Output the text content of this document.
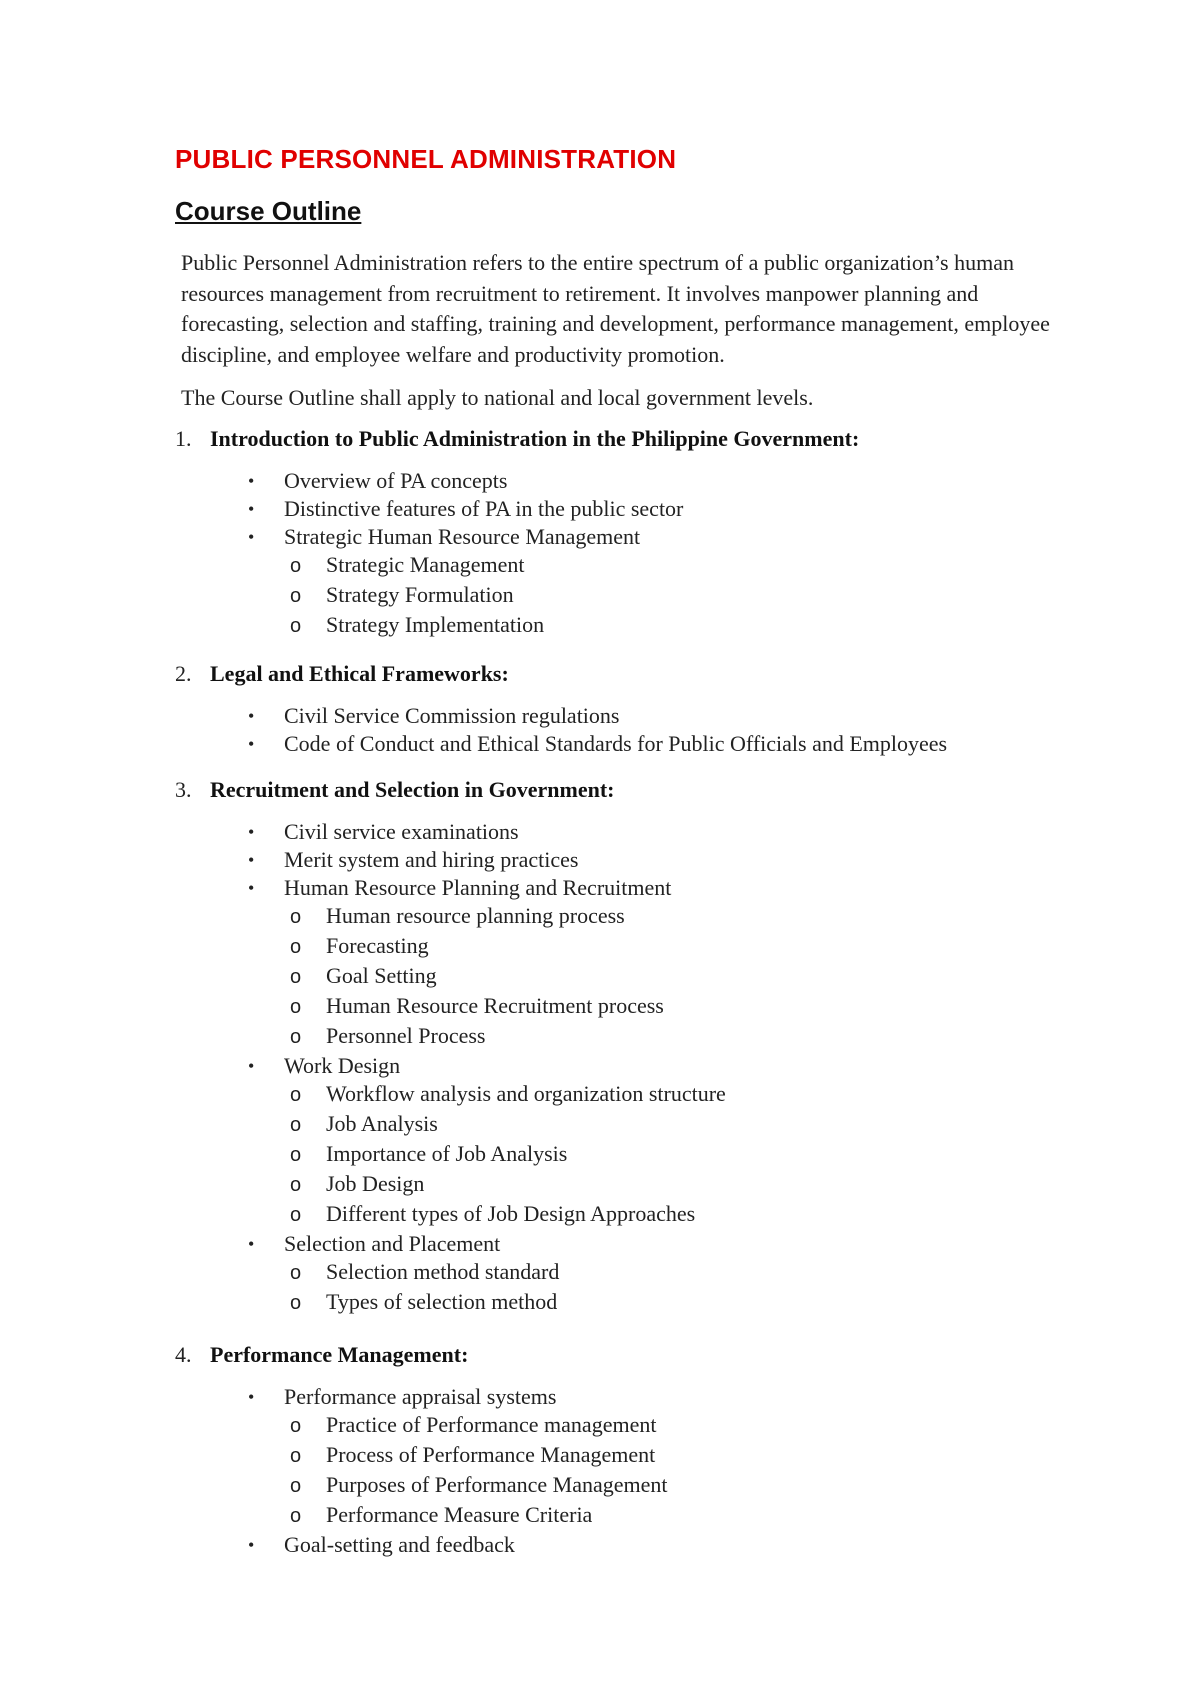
PUBLIC PERSONNEL ADMINISTRATION
Course Outline

Public Personnel Administration refers to the entire spectrum of a public organization’s human resources management from recruitment to retirement. It involves manpower planning and forecasting, selection and staffing, training and development, performance management, employee discipline, and employee welfare and productivity promotion.

The Course Outline shall apply to national and local government levels.

1. Introduction to Public Administration in the Philippine Government:
• Overview of PA concepts
• Distinctive features of PA in the public sector
• Strategic Human Resource Management
o Strategic Management
o Strategy Formulation
o Strategy Implementation
2. Legal and Ethical Frameworks:
• Civil Service Commission regulations
• Code of Conduct and Ethical Standards for Public Officials and Employees
3. Recruitment and Selection in Government:
• Civil service examinations
• Merit system and hiring practices
• Human Resource Planning and Recruitment
o Human resource planning process
o Forecasting
o Goal Setting
o Human Resource Recruitment process
o Personnel Process
• Work Design
o Workflow analysis and organization structure
o Job Analysis
o Importance of Job Analysis
o Job Design
o Different types of Job Design Approaches
• Selection and Placement
o Selection method standard
o Types of selection method
4. Performance Management:
• Performance appraisal systems
o Practice of Performance management
o Process of Performance Management
o Purposes of Performance Management
o Performance Measure Criteria
• Goal-setting and feedback
